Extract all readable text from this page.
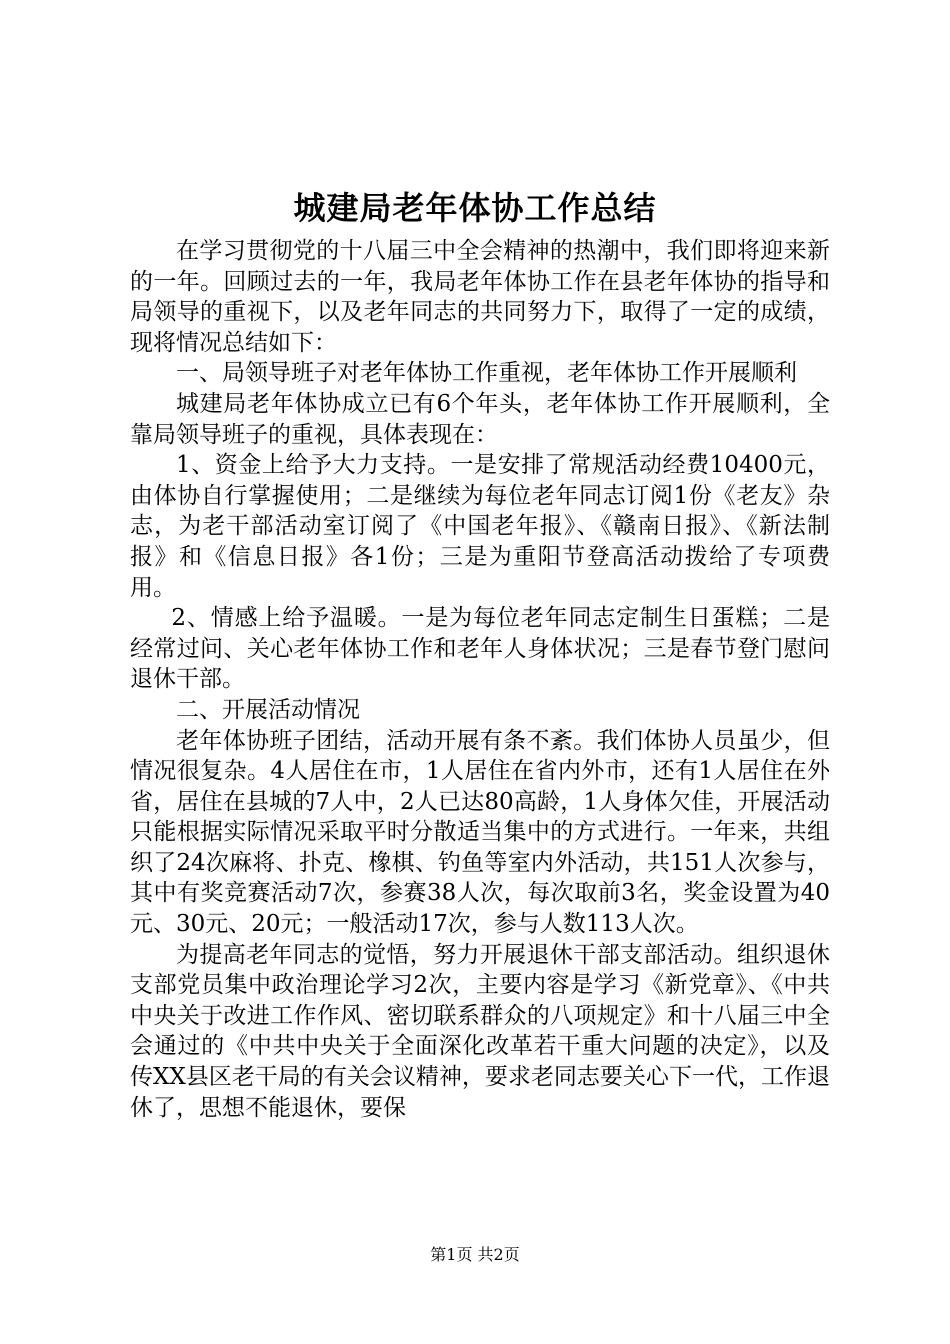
城建局老年体协工作总结

在学习贯彻党的十八届三中全会精神的热潮中，我们即将迎来新的一年。回顾过去的一年，我局老年体协工作在县老年体协的指导和局领导的重视下，以及老年同志的共同努力下，取得了一定的成绩，现将情况总结如下：

一、局领导班子对老年体协工作重视，老年体协工作开展顺利

城建局老年体协成立已有6个年头，老年体协工作开展顺利，全靠局领导班子的重视，具体表现在：

1、资金上给予大力支持。一是安排了常规活动经费10400元，由体协自行掌握使用；二是继续为每位老年同志订阅1份《老友》杂志，为老干部活动室订阅了《中国老年报》、《赣南日报》、《新法制报》和《信息日报》各1份；三是为重阳节登高活动拨给了专项费用。

2、情感上给予温暖。一是为每位老年同志定制生日蛋糕；二是经常过问、关心老年体协工作和老年人身体状况；三是春节登门慰问退休干部。

二、开展活动情况

老年体协班子团结，活动开展有条不紊。我们体协人员虽少，但情况很复杂。4人居住在市，1人居住在省内外市，还有1人居住在外省，居住在县城的7人中，2人已达80高龄，1人身体欠佳，开展活动只能根据实际情况采取平时分散适当集中的方式进行。一年来，共组织了24次麻将、扑克、橡棋、钓鱼等室内外活动，共151人次参与，其中有奖竞赛活动7次，参赛38人次，每次取前3名，奖金设置为40元、30元、20元；一般活动17次，参与人数113人次。

为提高老年同志的觉悟，努力开展退休干部支部活动。组织退休支部党员集中政治理论学习2次，主要内容是学习《新党章》、《中共中央关于改进工作作风、密切联系群众的八项规定》和十八届三中全会通过的《中共中央关于全面深化改革若干重大问题的决定》，以及传XX县区老干局的有关会议精神，要求老同志要关心下一代，工作退休了，思想不能退休，要保

第1页 共2页
